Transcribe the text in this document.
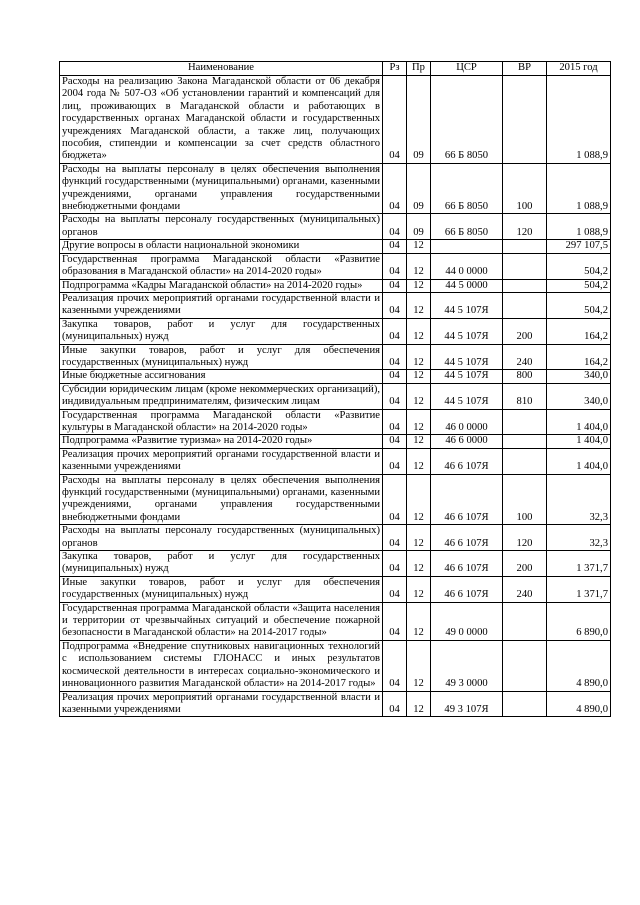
Наименование	Рз	Пр	ЦСР	ВР	2015 год
Расходы на реализацию Закона Магаданской области от 06 декабря 2004 года № 507-ОЗ «Об установлении гарантий и компенсаций для лиц, проживающих в Магаданской области и работающих в государственных органах Магаданской области и государственных учреждениях Магаданской области, а также лиц, получающих пособия, стипендии и компенсации за счет средств областного бюджета»	04	09	66 Б 8050		1 088,9
Расходы на выплаты персоналу в целях обеспечения выполнения функций государственными (муниципальными) органами, казенными учреждениями, органами управления государственными внебюджетными фондами	04	09	66 Б 8050	100	1 088,9
Расходы на выплаты персоналу государственных (муниципальных) органов	04	09	66 Б 8050	120	1 088,9
Другие вопросы в области национальной экономики	04	12			297 107,5
Государственная программа Магаданской области «Развитие образования в Магаданской области» на 2014-2020 годы»	04	12	44 0 0000		504,2
Подпрограмма «Кадры Магаданской области» на 2014-2020 годы»	04	12	44 5 0000		504,2
Реализация прочих мероприятий органами государственной власти и казенными учреждениями	04	12	44 5 107Я		504,2
Закупка товаров, работ и услуг для государственных (муниципальных) нужд	04	12	44 5 107Я	200	164,2
Иные закупки товаров, работ и услуг для обеспечения государственных (муниципальных) нужд	04	12	44 5 107Я	240	164,2
Иные бюджетные ассигнования	04	12	44 5 107Я	800	340,0
Субсидии юридическим лицам (кроме некоммерческих организаций), индивидуальным предпринимателям, физическим лицам	04	12	44 5 107Я	810	340,0
Государственная программа Магаданской области «Развитие культуры в Магаданской области» на 2014-2020 годы»	04	12	46 0 0000		1 404,0
Подпрограмма «Развитие туризма» на 2014-2020 годы»	04	12	46 6 0000		1 404,0
Реализация прочих мероприятий органами государственной власти и казенными учреждениями	04	12	46 6 107Я		1 404,0
Расходы на выплаты персоналу в целях обеспечения выполнения функций государственными (муниципальными) органами, казенными учреждениями, органами управления государственными внебюджетными фондами	04	12	46 6 107Я	100	32,3
Расходы на выплаты персоналу государственных (муниципальных) органов	04	12	46 6 107Я	120	32,3
Закупка товаров, работ и услуг для государственных (муниципальных) нужд	04	12	46 6 107Я	200	1 371,7
Иные закупки товаров, работ и услуг для обеспечения государственных (муниципальных) нужд	04	12	46 6 107Я	240	1 371,7
Государственная программа Магаданской области «Защита населения и территории от чрезвычайных ситуаций и обеспечение пожарной безопасности в Магаданской области» на 2014-2017 годы»	04	12	49 0 0000		6 890,0
Подпрограмма «Внедрение спутниковых навигационных технологий с использованием системы ГЛОНАСС и иных результатов космической деятельности в интересах социально-экономического и инновационного развития Магаданской области» на 2014-2017 годы»	04	12	49 3 0000		4 890,0
Реализация прочих мероприятий органами государственной власти и казенными учреждениями	04	12	49 3 107Я		4 890,0
